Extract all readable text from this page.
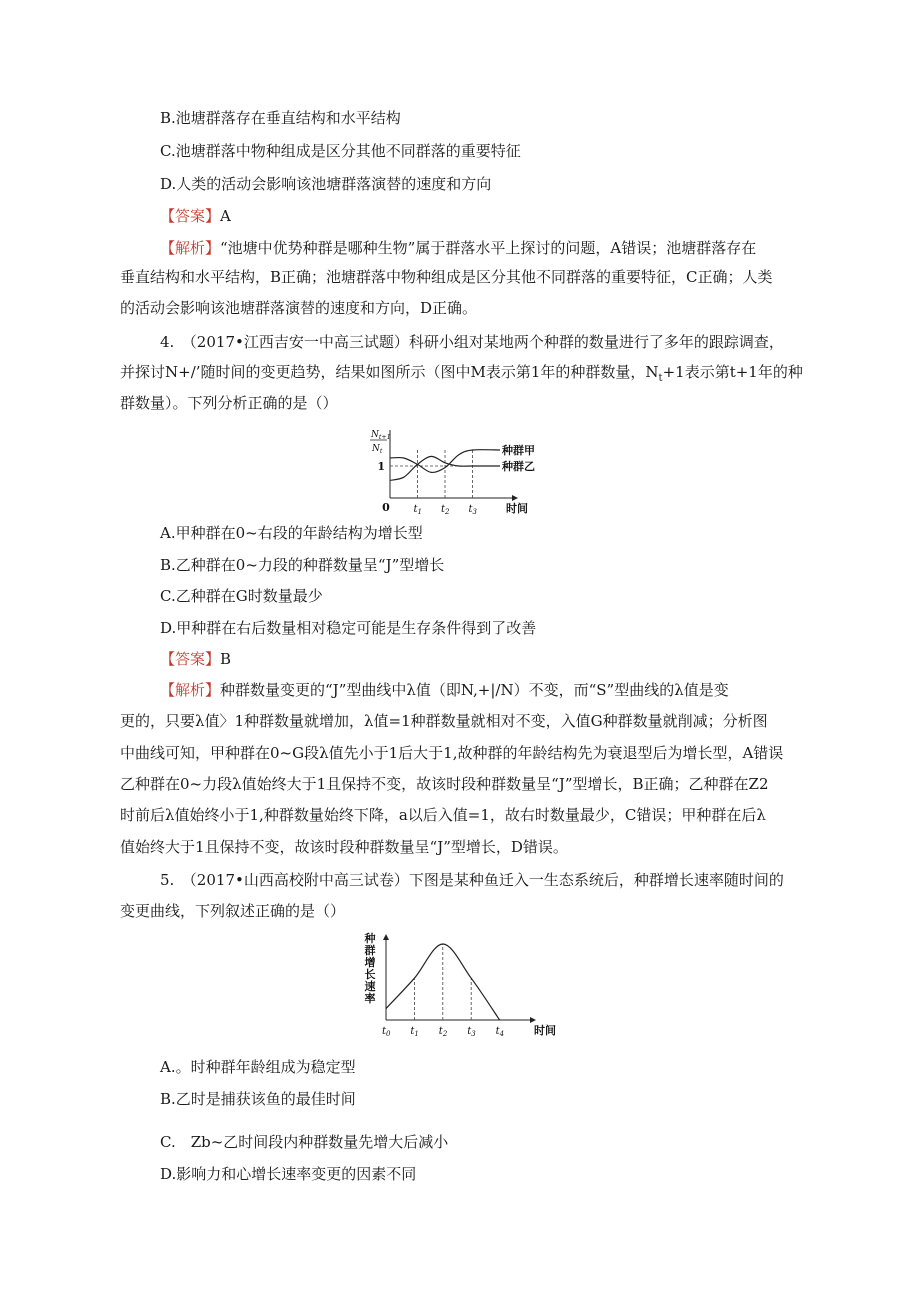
B.池塘群落存在垂直结构和水平结构
C.池塘群落中物种组成是区分其他不同群落的重要特征
D.人类的活动会影响该池塘群落演替的速度和方向
【答案】A
【解析】“池塘中优势种群是哪种生物”属于群落水平上探讨的问题，A错误；池塘群落存在
垂直结构和水平结构，B正确；池塘群落中物种组成是区分其他不同群落的重要特征，C正确；人类
的活动会影响该池塘群落演替的速度和方向，D正确。
4.　（2017•江西吉安一中高三试题）科研小组对某地两个种群的数量进行了多年的跟踪调查，
并探讨N+/’随时间的变更趋势，结果如图所示（图中M表示第1年的种群数量，$N_t+1$表示第t+1年的种
群数量）。下列分析正确的是（）
$t_1$ $t_2$ $t_3$
0
1
$N_{t+1}$
$N_t$
时间
种群甲
种群乙
A.甲种群在0~右段的年龄结构为增长型
B.乙种群在0~力段的种群数量呈“J”型增长
C.乙种群在G时数量最少
D.甲种群在右后数量相对稳定可能是生存条件得到了改善
【答案】B
【解析】种群数量变更的“J”型曲线中λ值（即N,+|/N）不变，而“S”型曲线的λ值是变
更的，只要λ值〉1种群数量就增加，λ值=1种群数量就相对不变，入值G种群数量就削减；分析图
中曲线可知，甲种群在0~G段λ值先小于1后大于1,故种群的年龄结构先为衰退型后为增长型，A错误
乙种群在0~力段λ值始终大于1且保持不变，故该时段种群数量呈“J”型增长，B正确；乙种群在Z2
时前后λ值始终小于1,种群数量始终下降，a以后入值=1，故右时数量最少，C错误；甲种群在后λ
值始终大于1且保持不变，故该时段种群数量呈“J”型增长，D错误。
5.　（2017•山西高校附中高三试卷）下图是某种鱼迁入一生态系统后，种群增长速率随时间的
变更曲线，下列叙述正确的是（）
$t_0$ $t_1$ $t_2$ $t_3$ $t_4$	时间
种群增长速率
A.。时种群年龄组成为稳定型
B.乙时是捕获该鱼的最佳时间
C.　Zb~乙时间段内种群数量先增大后减小
D.影响力和心增长速率变更的因素不同
